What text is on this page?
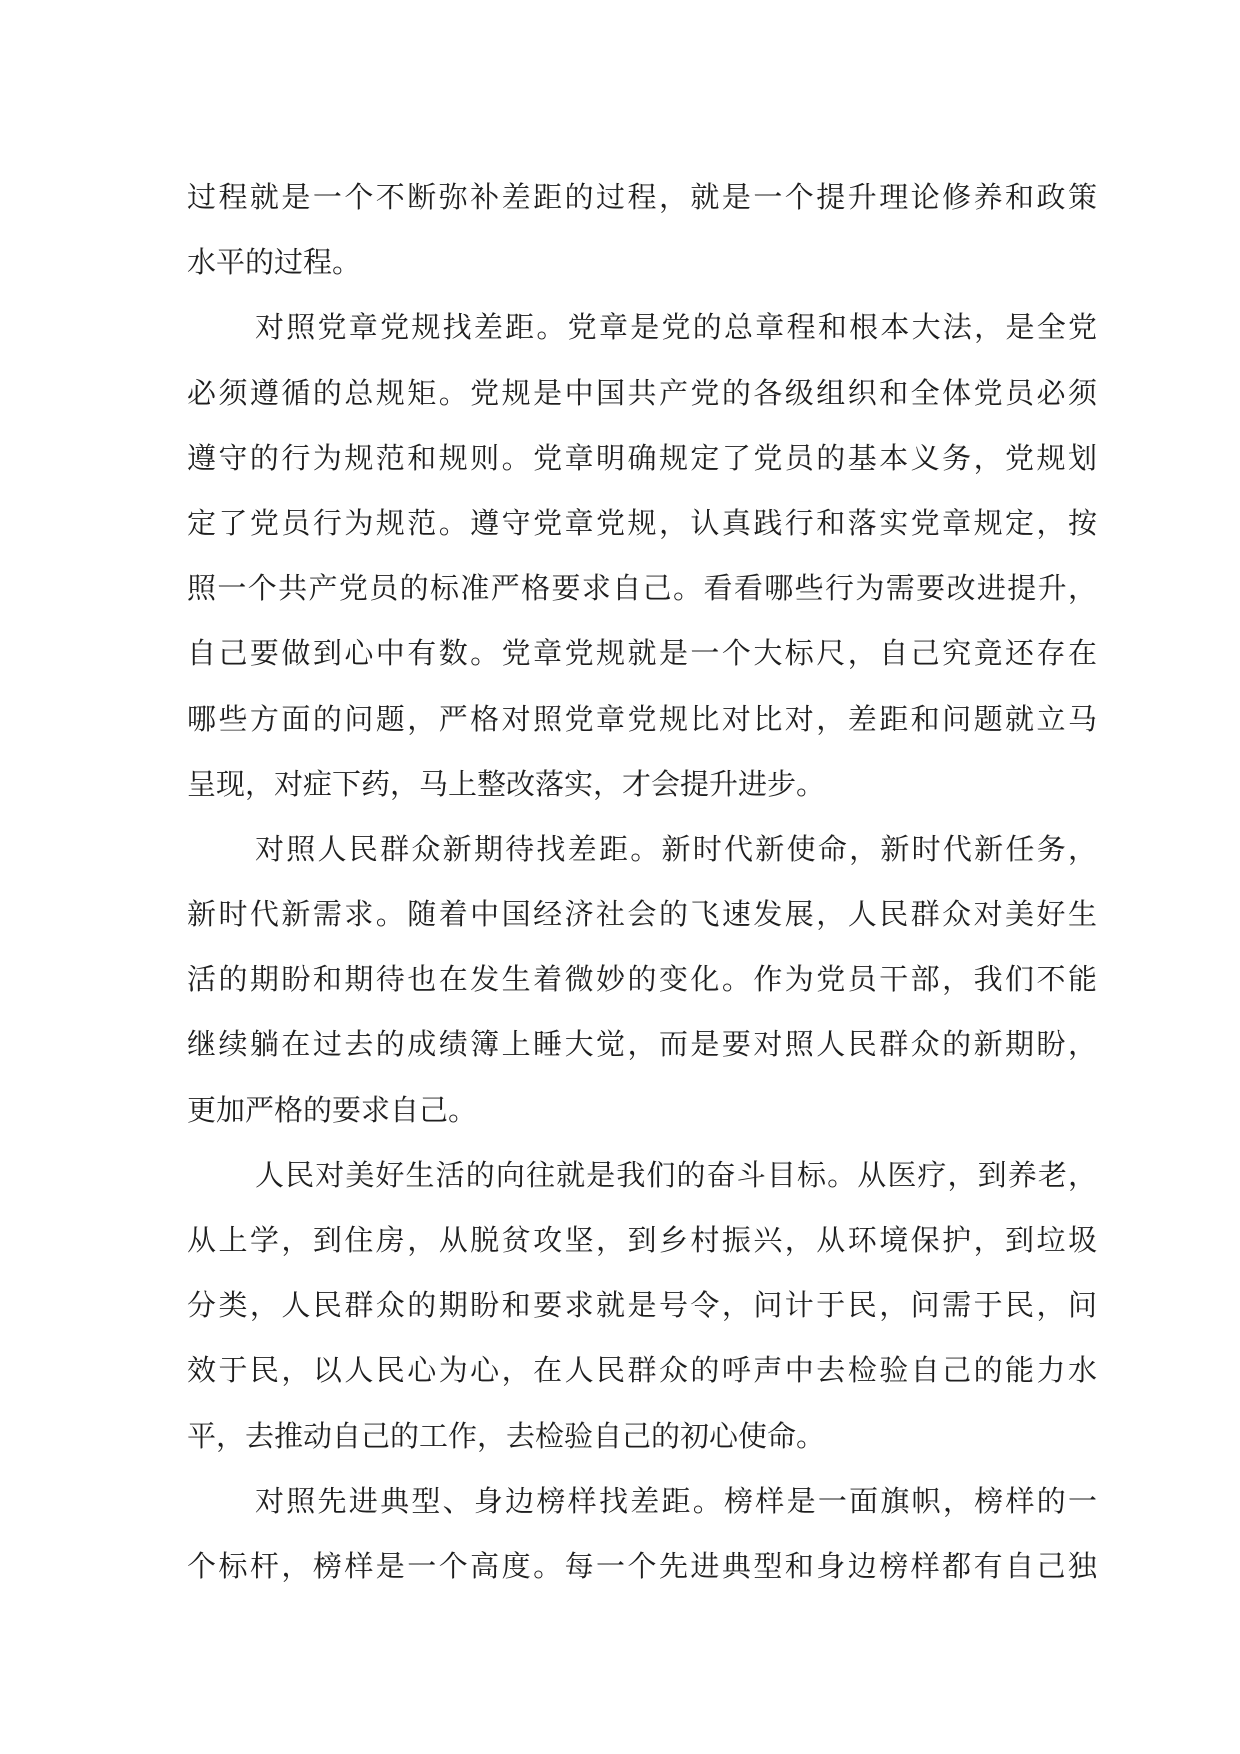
过程就是一个不断弥补差距的过程，就是一个提升理论修养和政策
水平的过程。
对照党章党规找差距。党章是党的总章程和根本大法，是全党
必须遵循的总规矩。党规是中国共产党的各级组织和全体党员必须
遵守的行为规范和规则。党章明确规定了党员的基本义务，党规划
定了党员行为规范。遵守党章党规，认真践行和落实党章规定，按
照一个共产党员的标准严格要求自己。看看哪些行为需要改进提升，
自己要做到心中有数。党章党规就是一个大标尺，自己究竟还存在
哪些方面的问题，严格对照党章党规比对比对，差距和问题就立马
呈现，对症下药，马上整改落实，才会提升进步。
对照人民群众新期待找差距。新时代新使命，新时代新任务，
新时代新需求。随着中国经济社会的飞速发展，人民群众对美好生
活的期盼和期待也在发生着微妙的变化。作为党员干部，我们不能
继续躺在过去的成绩簿上睡大觉，而是要对照人民群众的新期盼，
更加严格的要求自己。
人民对美好生活的向往就是我们的奋斗目标。从医疗，到养老，
从上学，到住房，从脱贫攻坚，到乡村振兴，从环境保护，到垃圾
分类，人民群众的期盼和要求就是号令，问计于民，问需于民，问
效于民，以人民心为心，在人民群众的呼声中去检验自己的能力水
平，去推动自己的工作，去检验自己的初心使命。
对照先进典型、身边榜样找差距。榜样是一面旗帜，榜样的一
个标杆，榜样是一个高度。每一个先进典型和身边榜样都有自己独
